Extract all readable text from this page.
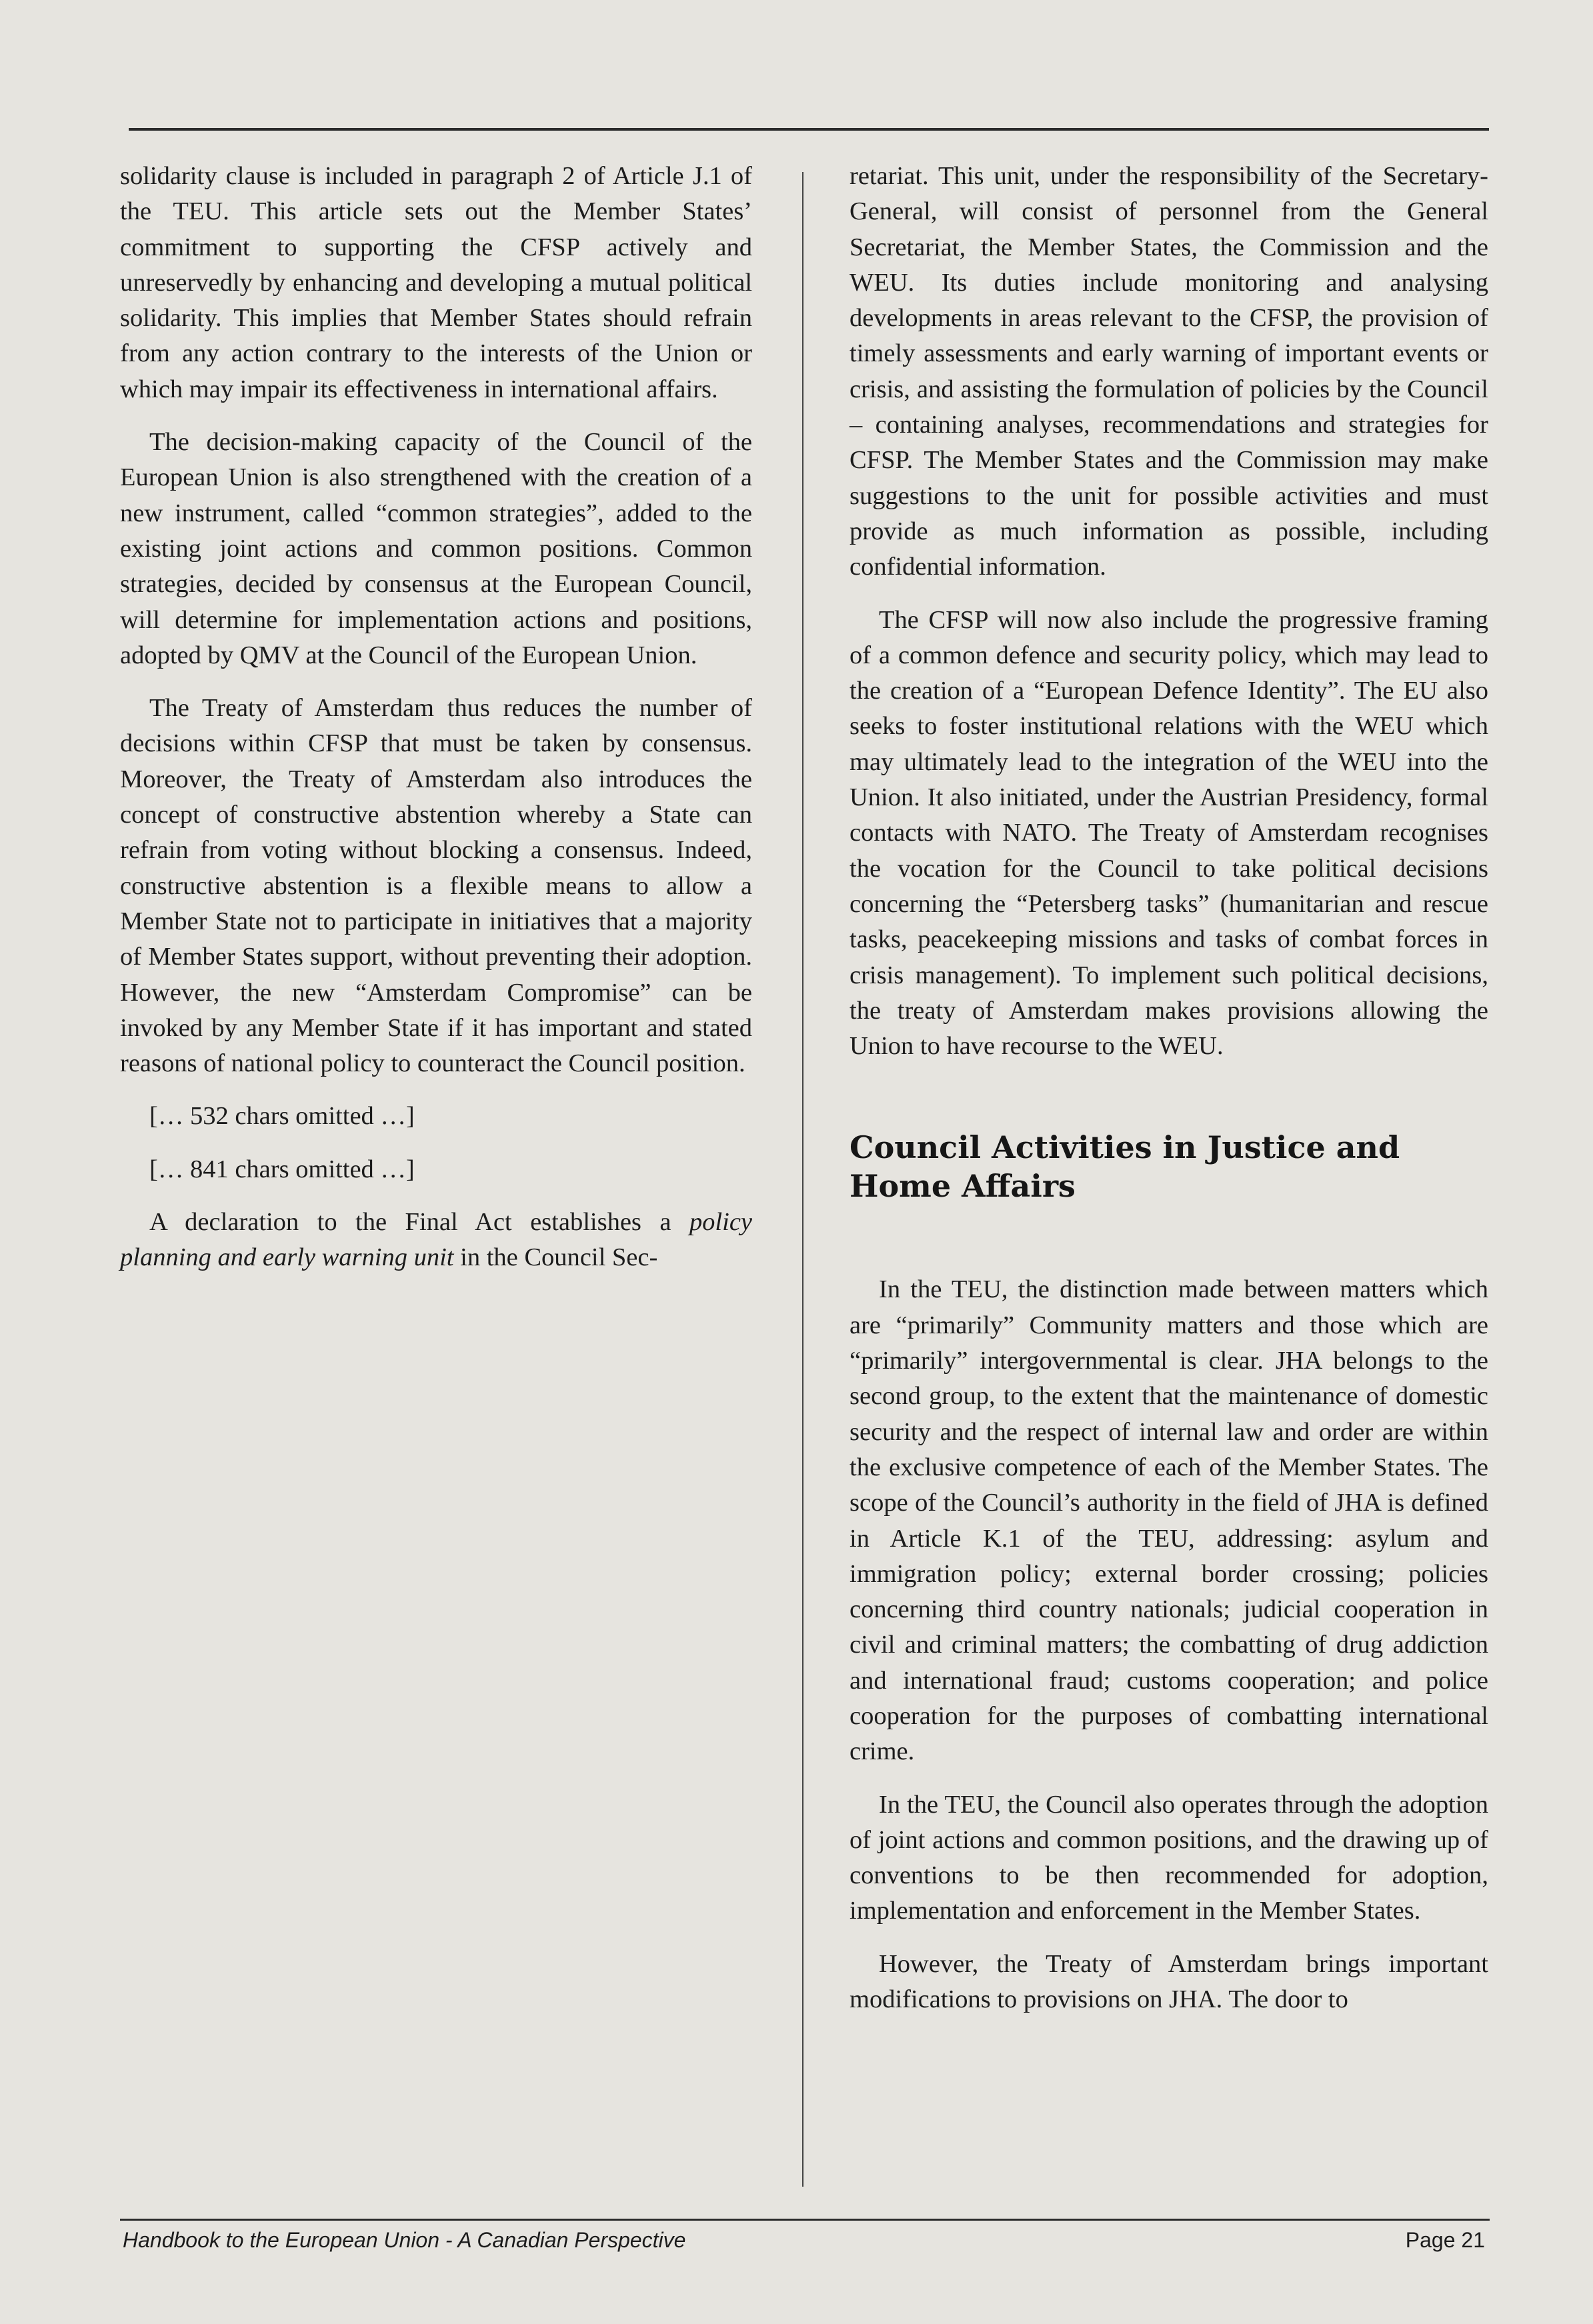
solidarity clause is included in paragraph 2 of Article J.1 of the TEU. This article sets out the Member States’ commitment to supporting the CFSP actively and unreservedly by enhancing and developing a mutual political solidarity. This implies that Member States should refrain from any action contrary to the interests of the Union or which may impair its effectiveness in international affairs.

The decision-making capacity of the Council of the European Union is also strengthened with the creation of a new instrument, called “common strategies”, added to the existing joint actions and common positions. Common strategies, decided by consensus at the European Council, will determine for implementation actions and positions, adopted by QMV at the Council of the European Union.

The Treaty of Amsterdam thus reduces the number of decisions within CFSP that must be taken by consensus. Moreover, the Treaty of Amsterdam also introduces the concept of constructive abstention whereby a State can refrain from voting without blocking a consensus. Indeed, constructive abstention is a flexible means to allow a Member State not to participate in initiatives that a majority of Member States support, without preventing their adoption. However, the new “Amsterdam Compromise” can be invoked by any Member State if it has important and stated reasons of national policy to counteract the Council position.

[… 532 chars omitted …]

[… 841 chars omitted …]

A declaration to the Final Act establishes a policy planning and early warning unit in the Council Sec-

retariat. This unit, under the responsibility of the Secretary-General, will consist of personnel from the General Secretariat, the Member States, the Commission and the WEU. Its duties include monitoring and analysing developments in areas relevant to the CFSP, the provision of timely assessments and early warning of important events or crisis, and assisting the formulation of policies by the Council – containing analyses, recommendations and strategies for CFSP. The Member States and the Commission may make suggestions to the unit for possible activities and must provide as much information as possible, including confidential information.

The CFSP will now also include the progressive framing of a common defence and security policy, which may lead to the creation of a “European Defence Identity”. The EU also seeks to foster institutional relations with the WEU which may ultimately lead to the integration of the WEU into the Union. It also initiated, under the Austrian Presidency, formal contacts with NATO. The Treaty of Amsterdam recognises the vocation for the Council to take political decisions concerning the “Petersberg tasks” (humanitarian and rescue tasks, peacekeeping missions and tasks of combat forces in crisis management). To implement such political decisions, the treaty of Amsterdam makes provisions allowing the Union to have recourse to the WEU.

Council Activities in Justice and
Home Affairs

In the TEU, the distinction made between matters which are “primarily” Community matters and those which are “primarily” intergovernmental is clear. JHA belongs to the second group, to the extent that the maintenance of domestic security and the respect of internal law and order are within the exclusive competence of each of the Member States. The scope of the Council’s authority in the field of JHA is defined in Article K.1 of the TEU, addressing: asylum and immigration policy; external border crossing; policies concerning third country nationals; judicial cooperation in civil and criminal matters; the combatting of drug addiction and international fraud; customs cooperation; and police cooperation for the purposes of combatting international crime.

In the TEU, the Council also operates through the adoption of joint actions and common positions, and the drawing up of conventions to be then recommended for adoption, implementation and enforcement in the Member States.

However, the Treaty of Amsterdam brings important modifications to provisions on JHA. The door to

Handbook to the European Union - A Canadian Perspective	Page 21
